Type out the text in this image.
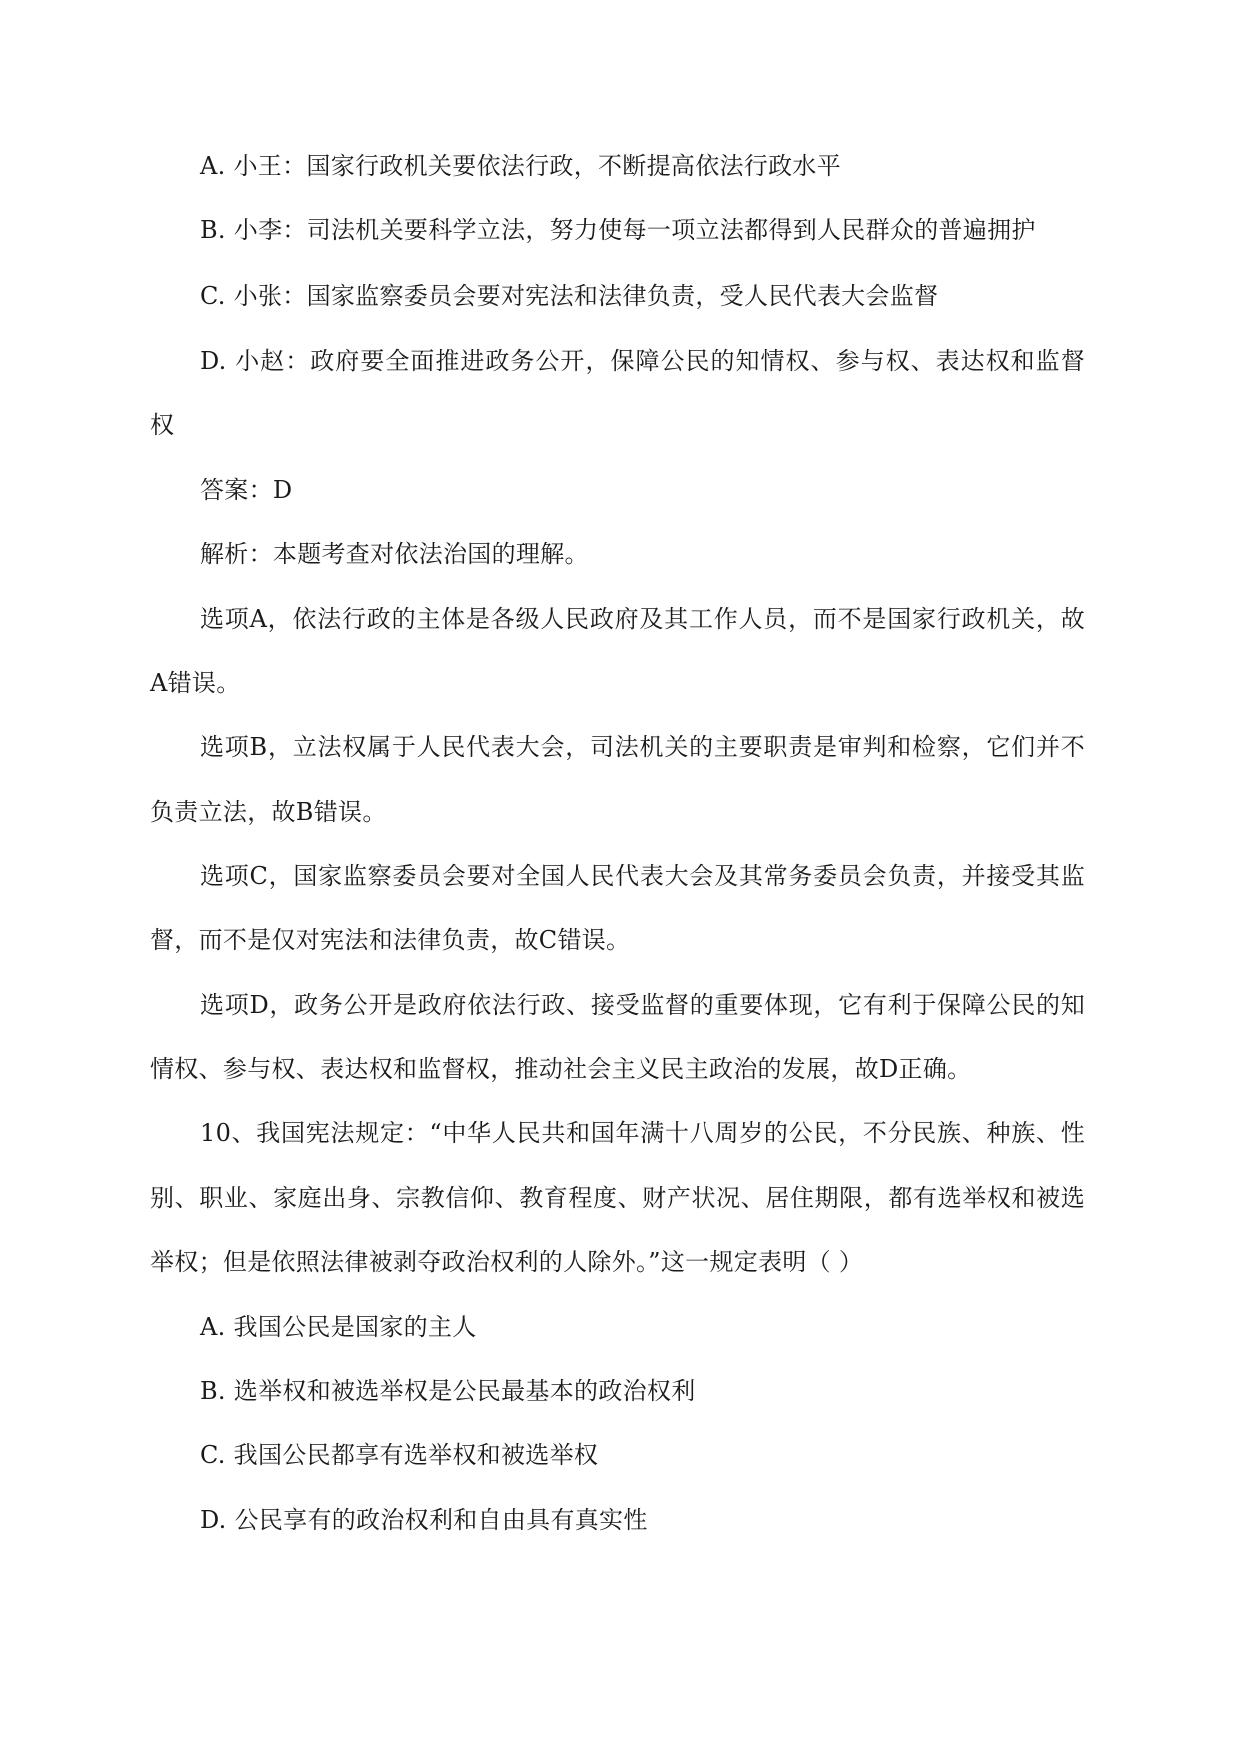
A. 小王：国家行政机关要依法行政，不断提高依法行政水平
B. 小李：司法机关要科学立法，努力使每一项立法都得到人民群众的普遍拥护
C. 小张：国家监察委员会要对宪法和法律负责，受人民代表大会监督
D. 小赵：政府要全面推进政务公开，保障公民的知情权、参与权、表达权和监督
权
答案：D
解析：本题考查对依法治国的理解。
选项A，依法行政的主体是各级人民政府及其工作人员，而不是国家行政机关，故
A错误。
选项B，立法权属于人民代表大会，司法机关的主要职责是审判和检察，它们并不
负责立法，故B错误。
选项C，国家监察委员会要对全国人民代表大会及其常务委员会负责，并接受其监
督，而不是仅对宪法和法律负责，故C错误。
选项D，政务公开是政府依法行政、接受监督的重要体现，它有利于保障公民的知
情权、参与权、表达权和监督权，推动社会主义民主政治的发展，故D正确。
10、我国宪法规定：“中华人民共和国年满十八周岁的公民，不分民族、种族、性
别、职业、家庭出身、宗教信仰、教育程度、财产状况、居住期限，都有选举权和被选
举权；但是依照法律被剥夺政治权利的人除外。”这一规定表明（ ）
A. 我国公民是国家的主人
B. 选举权和被选举权是公民最基本的政治权利
C. 我国公民都享有选举权和被选举权
D. 公民享有的政治权利和自由具有真实性
